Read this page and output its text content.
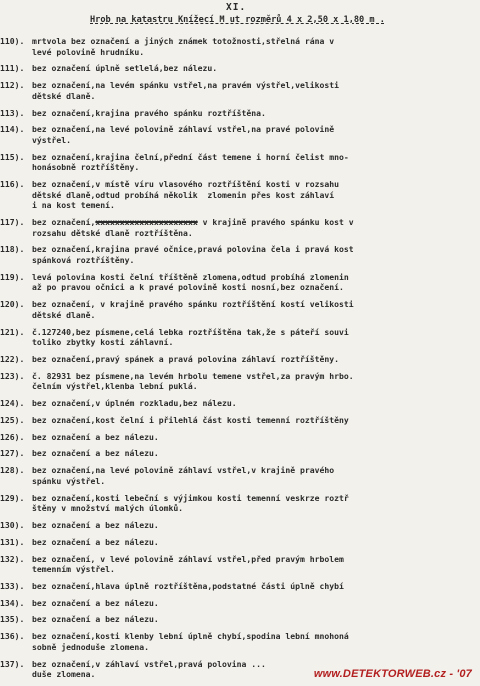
XI.
Hrob na katastru Knížecí M ut rozměrů 4 x 2,50 x 1,80 m .
110). mrtvola bez označení a jiných známek totožnosti,střelná rána v
levé polovině hrudníku.
111). bez označení úplně setlelá,bez nálezu.
112). bez označení,na levém spánku vstřel,na pravém výstřel,velikosti
dětské dlaně.
113). bez označení,krajina pravého spánku roztříštěna.
114). bez označení,na levé polovině záhlaví vstřel,na pravé polovině
výstřel.
115). bez označení,krajina čelní,přední část temene i horní čelist mno-
honásobně roztříštěny.
116). bez označení,v místě víru vlasového roztříštění kosti v rozsahu
dětské dlaně,odtud probíhá několik  zlomenin přes kost záhlaví
i na kost temení.
117). bez označení,xxxxxxxxxxxxxxxxxxxxx v krajině pravého spánku kost v
rozsahu dětské dlaně roztříštěna.
118). bez označení,krajina pravé očnice,pravá polovina čela i pravá kost
spánková roztříštěny.
119). levá polovina kosti čelní tříštěně zlomena,odtud probíhá zlomenin
až po pravou očnici a k pravé polovině kosti nosní,bez označení.
120). bez označení, v krajině pravého spánku roztříštění kostí velikosti
dětské dlaně.
121). č.127240,bez písmene,celá lebka roztříštěna tak,že s páteří souvi
toliko zbytky kosti záhlavní.
122). bez označení,pravý spánek a pravá polovina záhlaví roztříštěny.
123). č. 82931 bez písmene,na levém hrbolu temene vstřel,za pravým hrbo.
čelním výstřel,klenba lební puklá.
124). bez označení,v úplném rozkladu,bez nálezu.
125). bez označení,kost čelní i přilehlá část kosti temenní roztříštěny
126). bez označení a bez nálezu.
127). bez označení a bez nálezu.
128). bez označení,na levé polovině záhlaví vstřel,v krajině pravého
spánku výstřel.
129). bez označení,kosti lebeční s výjimkou kosti temenní veskrze roztř
štěny v množství malých úlomků.
130). bez označení a bez nálezu.
131). bez označení a bez nálezu.
132). bez označení, v levé polovině záhlaví vstřel,před pravým hrbolem
temenním výstřel.
133). bez označení,hlava úplně roztříštěna,podstatné části úplně chybí
134). bez označení a bez nálezu.
135). bez označení a bez nálezu.
136). bez označení,kosti klenby lební úplně chybí,spodina lební mnohoná
sobně jednoduše zlomena.
137). bez označení,v záhlaví vstřel,pravá polovina ...
duše zlomena.	www.DETEKTORWEB.cz - '07
